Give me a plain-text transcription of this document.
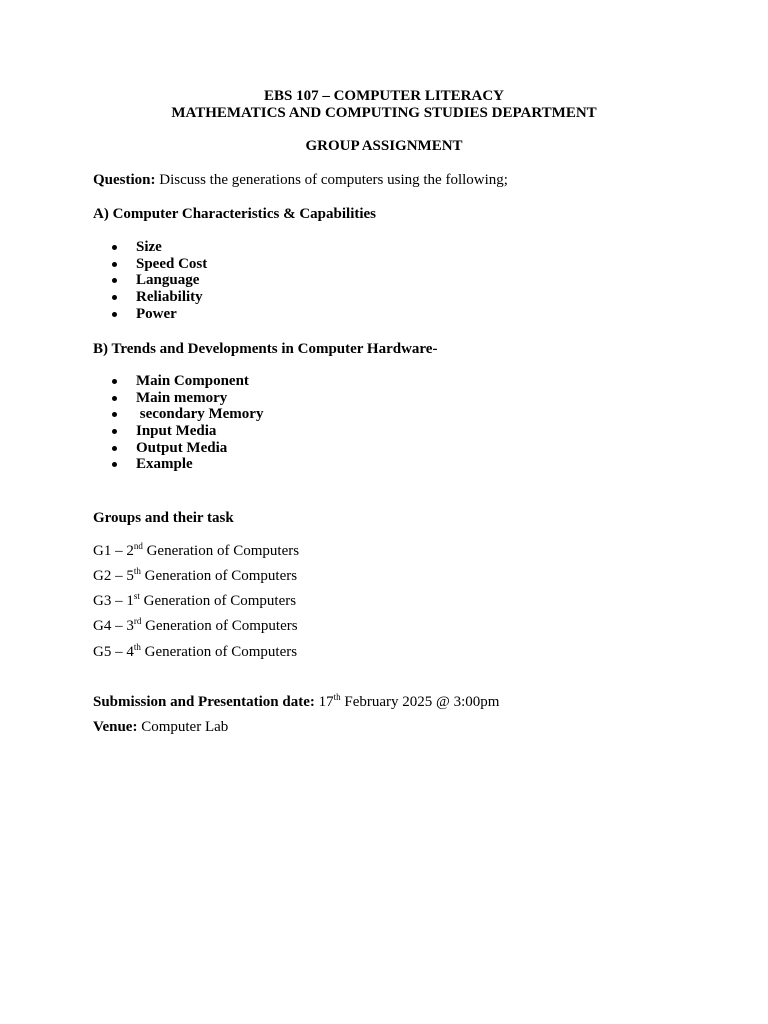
EBS 107 – COMPUTER LITERACY
MATHEMATICS AND COMPUTING STUDIES DEPARTMENT
GROUP ASSIGNMENT
Question: Discuss the generations of computers using the following;
A) Computer Characteristics & Capabilities
Size
Speed Cost
Language
Reliability
Power
B) Trends and Developments in Computer Hardware-
Main Component
Main memory
secondary Memory
Input Media
Output Media
Example
Groups and their task
G1 – 2nd Generation of Computers
G2 – 5th Generation of Computers
G3 – 1st Generation of Computers
G4 – 3rd Generation of Computers
G5 – 4th Generation of Computers
Submission and Presentation date: 17th February 2025 @ 3:00pm
Venue: Computer Lab
